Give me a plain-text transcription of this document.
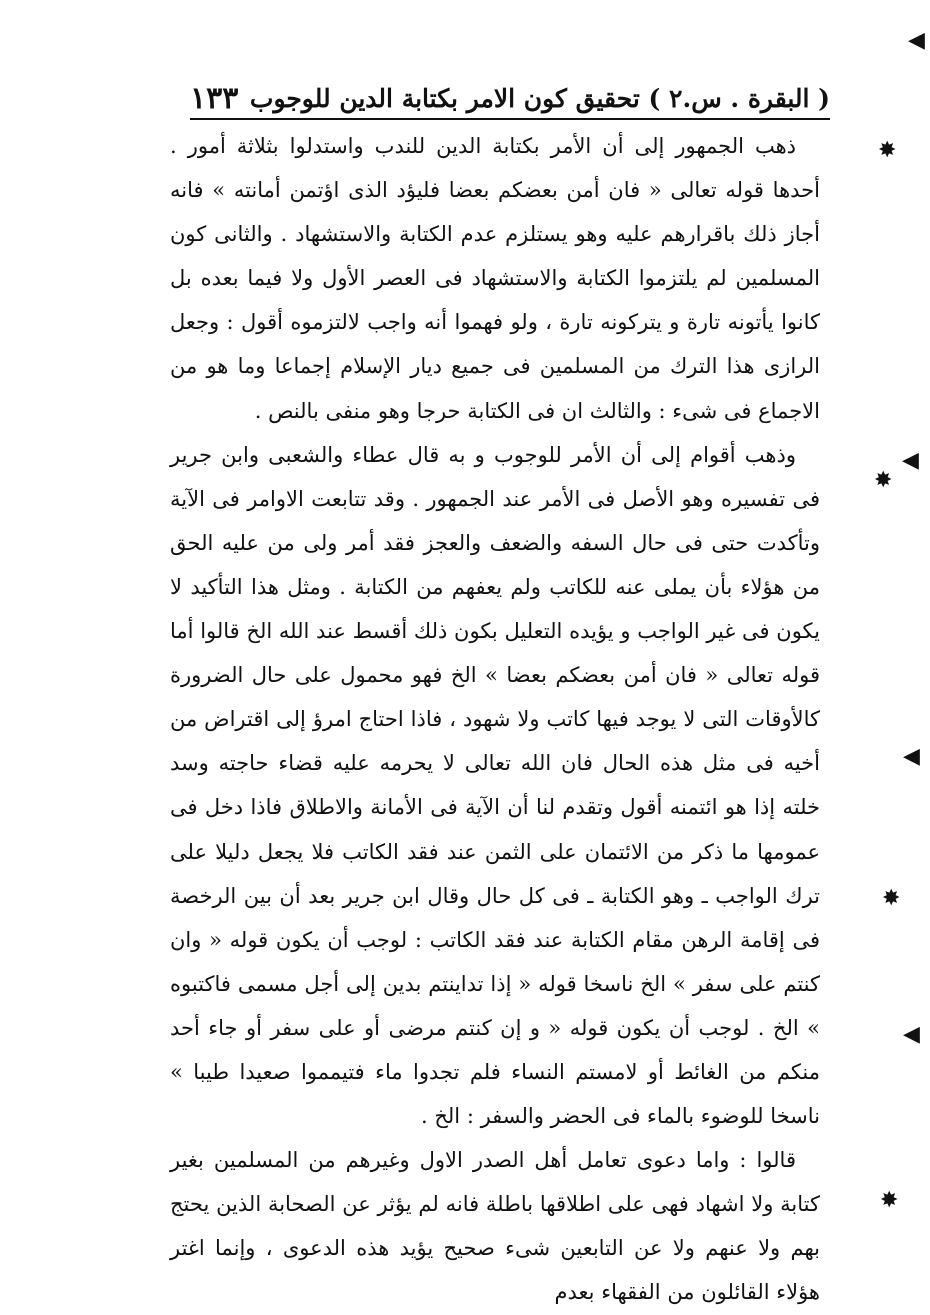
◀
✸
◀
✸
◀
✸
◀
✸
( البقرة . س.٢ ) تحقيق كون الامر بكتابة الدين للوجوب
١٣٣

ذهب الجمهور إلى أن الأمر بكتابة الدين للندب واستدلوا بثلاثة أمور . أحدها قوله تعالى « فان أمن بعضكم بعضا فليؤد الذى اؤتمن أمانته » فانه أجاز ذلك باقرارهم عليه وهو يستلزم عدم الكتابة والاستشهاد . والثانى كون المسلمين لم يلتزموا الكتابة والاستشهاد فى العصر الأول ولا فيما بعده بل كانوا يأتونه تارة و يتركونه تارة ، ولو فهموا أنه واجب لالتزموه أقول : وجعل الرازى هذا الترك من المسلمين فى جميع ديار الإسلام إجماعا وما هو من الاجماع فى شىء : والثالث ان فى الكتابة حرجا وهو منفى بالنص .

وذهب أقوام إلى أن الأمر للوجوب و به قال عطاء والشعبى وابن جرير فى تفسيره وهو الأصل فى الأمر عند الجمهور . وقد تتابعت الاوامر فى الآية وتأكدت حتى فى حال السفه والضعف والعجز فقد أمر ولى من عليه الحق من هؤلاء بأن يملى عنه للكاتب ولم يعفهم من الكتابة . ومثل هذا التأكيد لا يكون فى غير الواجب و يؤيده التعليل بكون ذلك أقسط عند الله الخ قالوا أما قوله تعالى « فان أمن بعضكم بعضا » الخ فهو محمول على حال الضرورة كالأوقات التى لا يوجد فيها كاتب ولا شهود ، فاذا احتاج امرؤ إلى اقتراض من أخيه فى مثل هذه الحال فان الله تعالى لا يحرمه عليه قضاء حاجته وسد خلته إذا هو ائتمنه أقول وتقدم لنا أن الآية فى الأمانة والاطلاق فاذا دخل فى عمومها ما ذكر من الائتمان على الثمن عند فقد الكاتب فلا يجعل دليلا على ترك الواجب ـ وهو الكتابة ـ فى كل حال وقال ابن جرير بعد أن بين الرخصة فى إقامة الرهن مقام الكتابة عند فقد الكاتب : لوجب أن يكون قوله « وان كنتم على سفر » الخ ناسخا قوله « إذا تداينتم بدين إلى أجل مسمى فاكتبوه » الخ . لوجب أن يكون قوله « و إن كنتم مرضى أو على سفر أو جاء أحد منكم من الغائط أو لامستم النساء فلم تجدوا ماء فتيمموا صعيدا طيبا » ناسخا للوضوء بالماء فى الحضر والسفر : الخ .

قالوا : واما دعوى تعامل أهل الصدر الاول وغيرهم من المسلمين بغير كتابة ولا اشهاد فهى على اطلاقها باطلة فانه لم يؤثر عن الصحابة الذين يحتج بهم ولا عنهم ولا عن التابعين شىء صحيح يؤيد هذه الدعوى ، وإنما اغتر هؤلاء القائلون من الفقهاء بعدم
